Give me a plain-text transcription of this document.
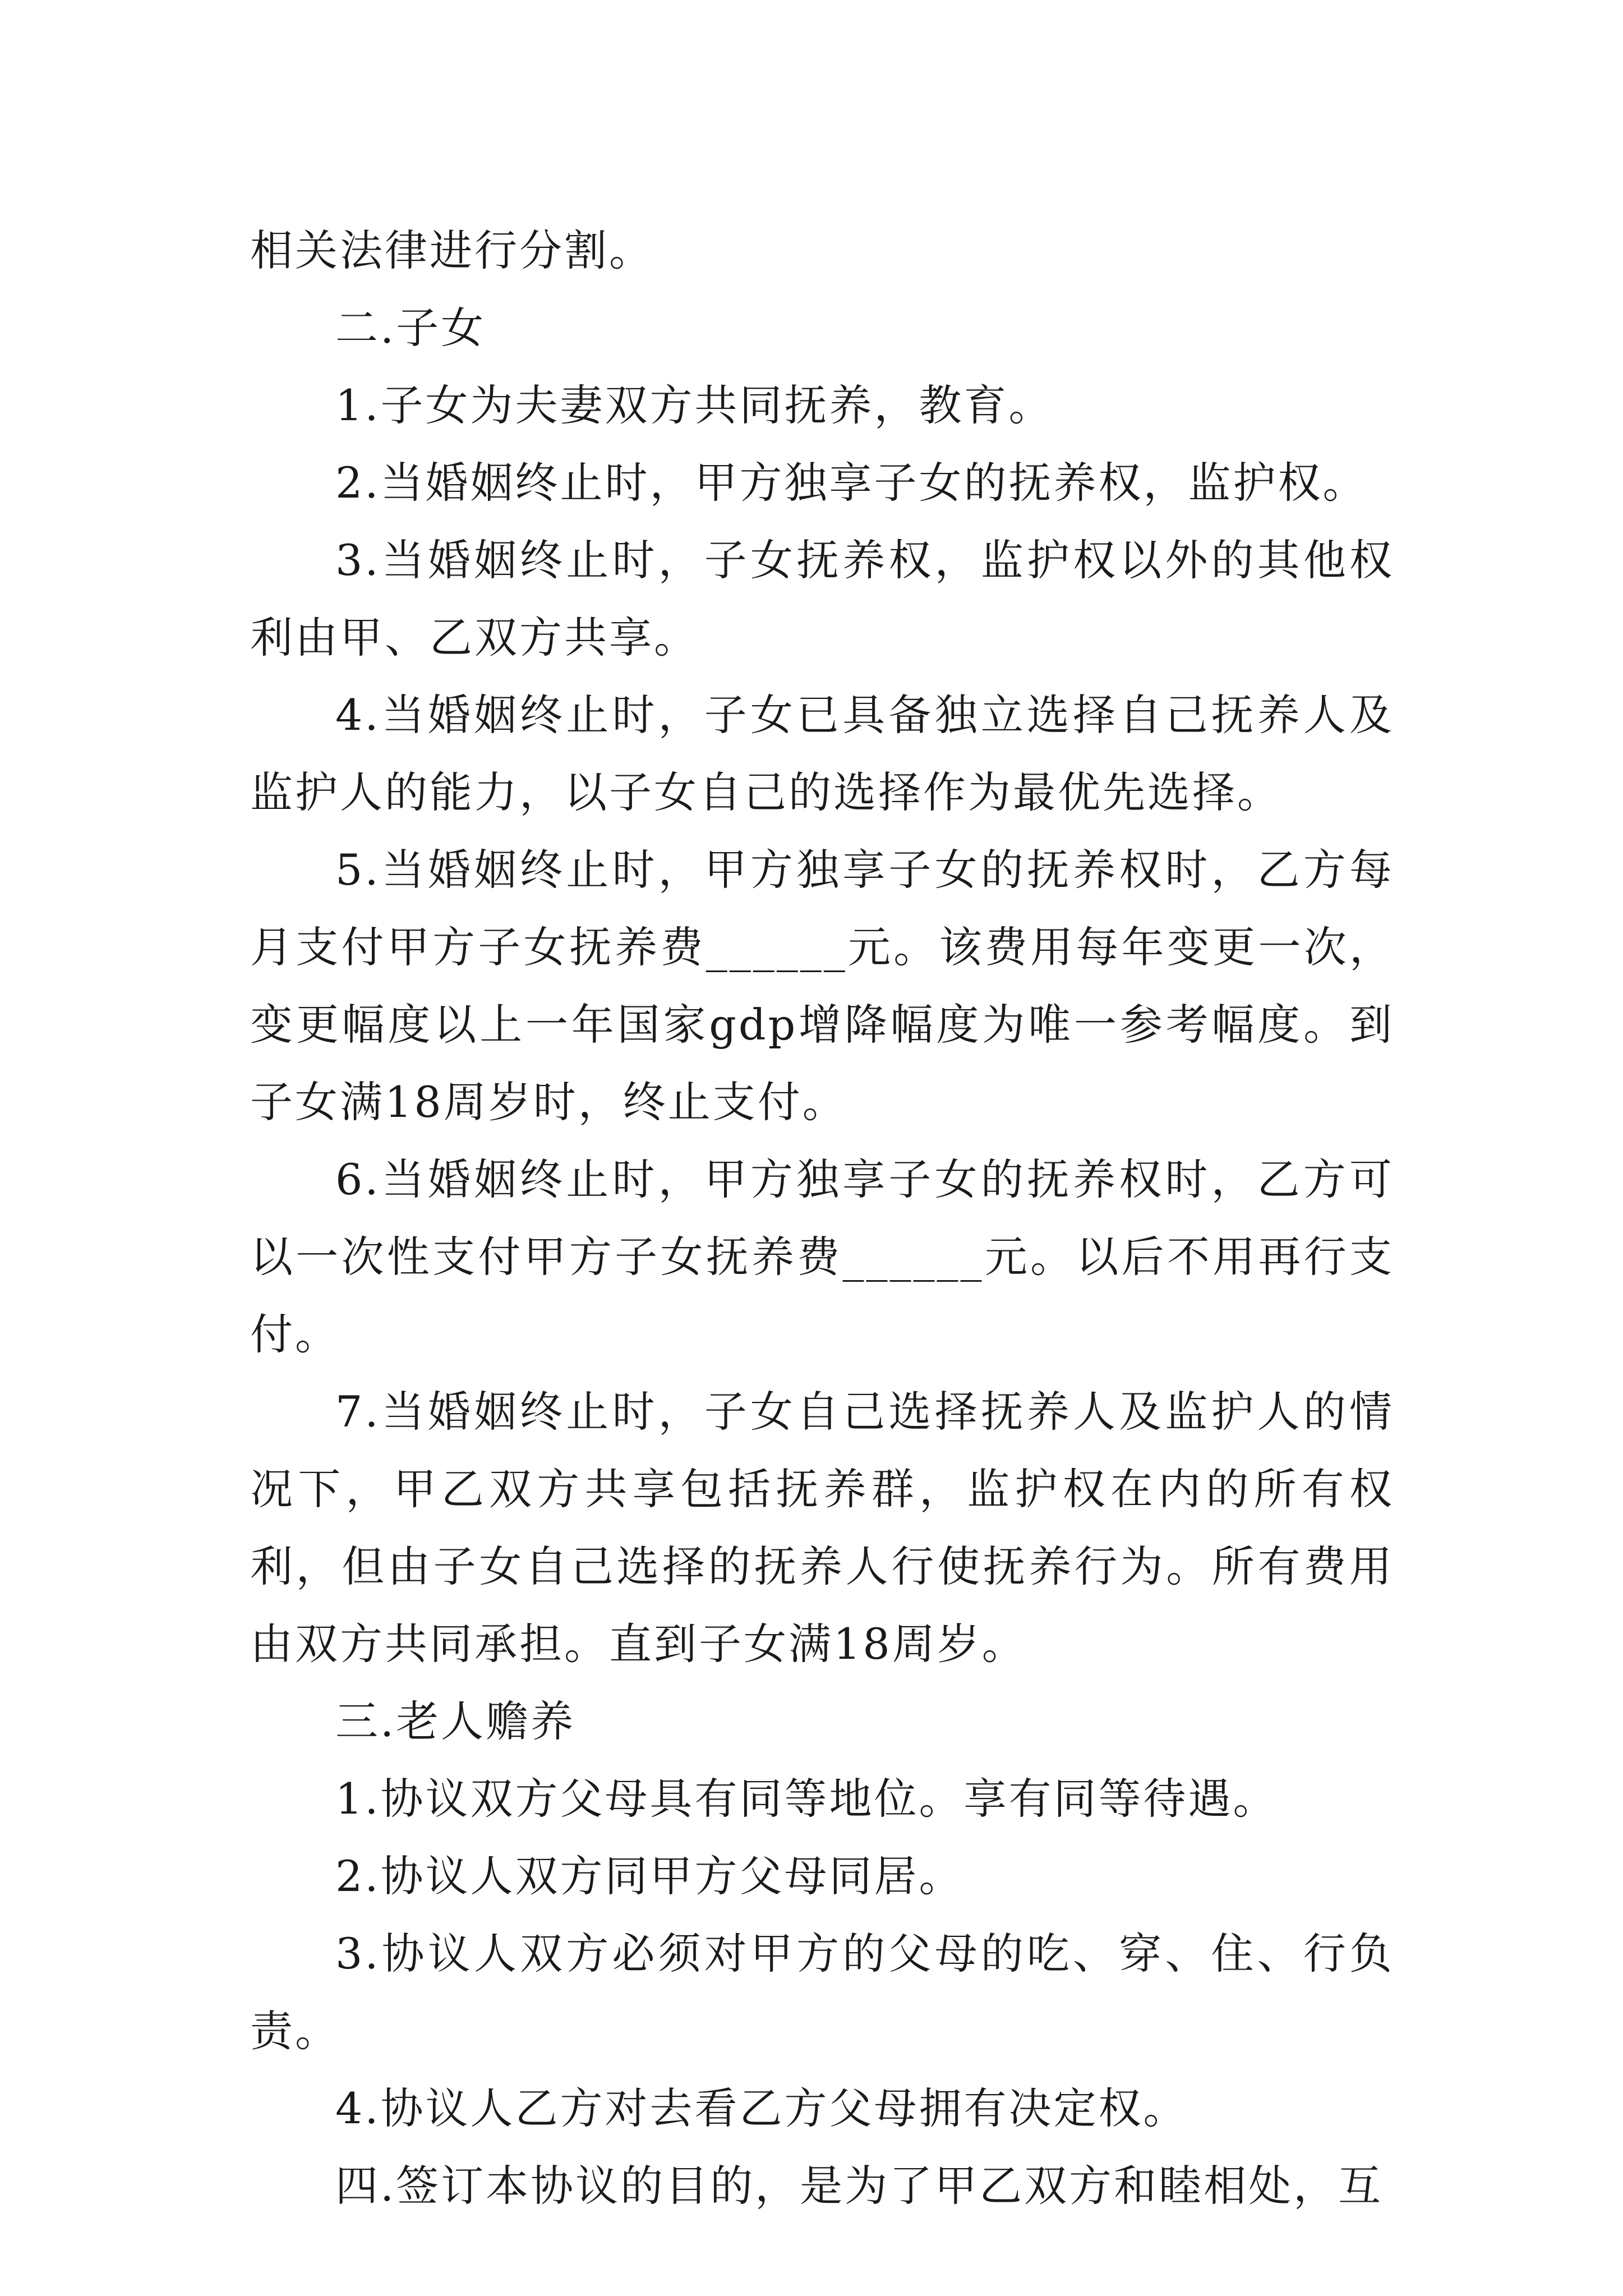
相关法律进行分割。

二.子女

1.子女为夫妻双方共同抚养，教育。

2.当婚姻终止时，甲方独享子女的抚养权，监护权。

3.当婚姻终止时，子女抚养权，监护权以外的其他权利由甲、乙双方共享。

4.当婚姻终止时，子女已具备独立选择自己抚养人及监护人的能力，以子女自己的选择作为最优先选择。

5.当婚姻终止时，甲方独享子女的抚养权时，乙方每月支付甲方子女抚养费______元。该费用每年变更一次，变更幅度以上一年国家gdp增降幅度为唯一参考幅度。到子女满18周岁时，终止支付。

6.当婚姻终止时，甲方独享子女的抚养权时，乙方可以一次性支付甲方子女抚养费______元。以后不用再行支付。

7.当婚姻终止时，子女自己选择抚养人及监护人的情况下，甲乙双方共享包括抚养群，监护权在内的所有权利，但由子女自己选择的抚养人行使抚养行为。所有费用由双方共同承担。直到子女满18周岁。

三.老人赡养

1.协议双方父母具有同等地位。享有同等待遇。

2.协议人双方同甲方父母同居。

3.协议人双方必须对甲方的父母的吃、穿、住、行负责。

4.协议人乙方对去看乙方父母拥有决定权。

四.签订本协议的目的，是为了甲乙双方和睦相处，互
